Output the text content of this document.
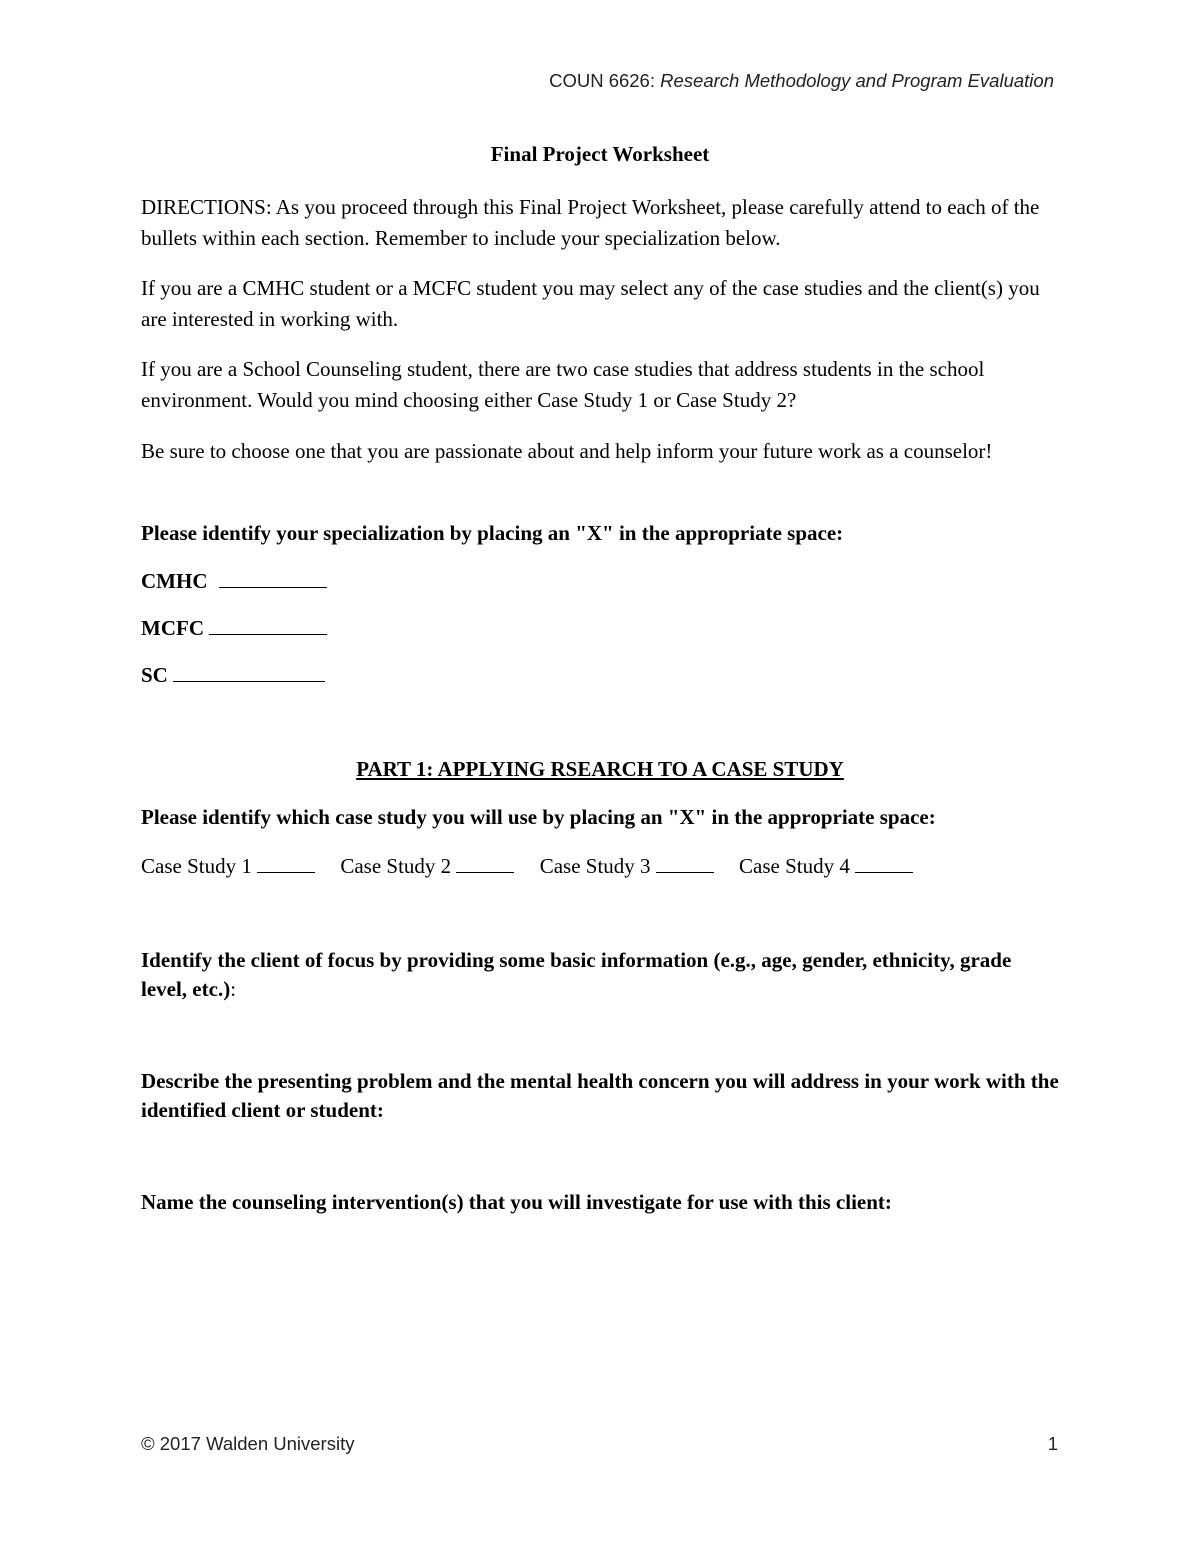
COUN 6626: Research Methodology and Program Evaluation
Final Project Worksheet
DIRECTIONS: As you proceed through this Final Project Worksheet, please carefully attend to each of the bullets within each section. Remember to include your specialization below.
If you are a CMHC student or a MCFC student you may select any of the case studies and the client(s) you are interested in working with.
If you are a School Counseling student, there are two case studies that address students in the school environment. Would you mind choosing either Case Study 1 or Case Study 2?
Be sure to choose one that you are passionate about and help inform your future work as a counselor!
Please identify your specialization by placing an "X" in the appropriate space:
CMHC
MCFC
SC
PART 1: APPLYING RSEARCH TO A CASE STUDY
Please identify which case study you will use by placing an "X" in the appropriate space:
Case Study 1	Case Study 2	Case Study 3	Case Study 4
Identify the client of focus by providing some basic information (e.g., age, gender, ethnicity, grade level, etc.):
Describe the presenting problem and the mental health concern you will address in your work with the identified client or student:
Name the counseling intervention(s) that you will investigate for use with this client:
© 2017 Walden University	1
